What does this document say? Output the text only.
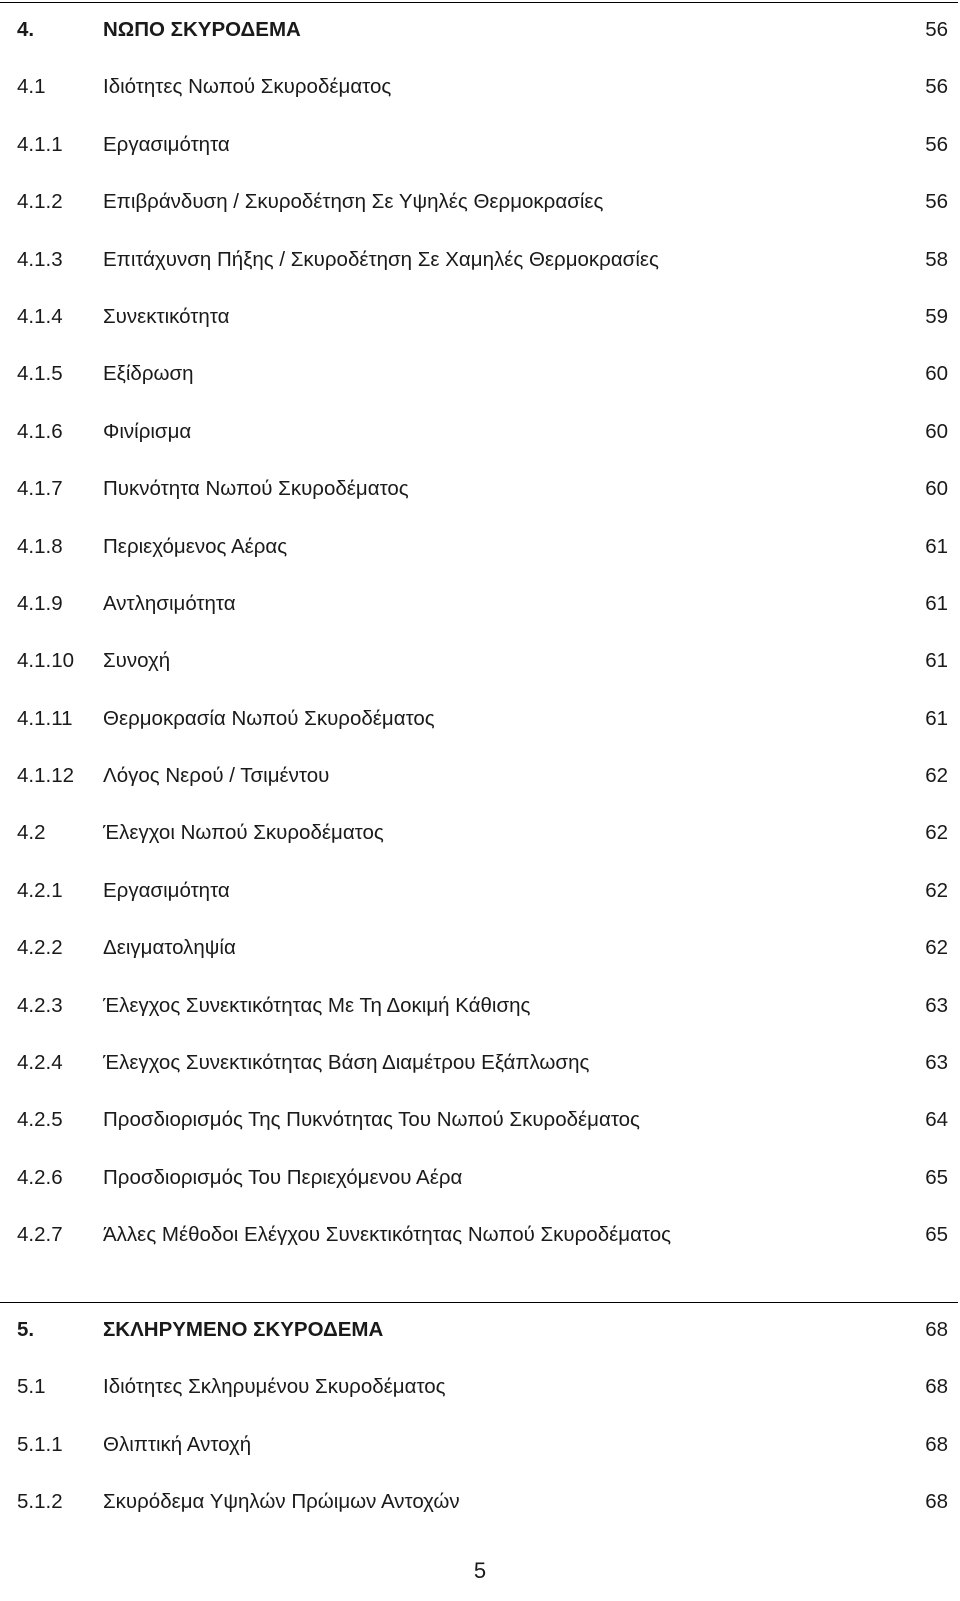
4.	ΝΩΠΟ ΣΚΥΡΟΔΕΜΑ	56
4.1	Ιδιότητες Νωπού Σκυροδέματος	56
4.1.1 Εργασιμότητα	56
4.1.2 Επιβράνδυση / Σκυροδέτηση Σε Υψηλές Θερμοκρασίες	56
4.1.3 Επιτάχυνση Πήξης / Σκυροδέτηση Σε Χαμηλές Θερμοκρασίες	58
4.1.4 Συνεκτικότητα	59
4.1.5 Εξίδρωση	60
4.1.6 Φινίρισμα	60
4.1.7 Πυκνότητα Νωπού Σκυροδέματος	60
4.1.8 Περιεχόμενος Αέρας	61
4.1.9 Αντλησιμότητα	61
4.1.10 Συνοχή	61
4.1.11 Θερμοκρασία Νωπού Σκυροδέματος	61
4.1.12 Λόγος Νερού / Τσιμέντου	62
4.2	Έλεγχοι Νωπού Σκυροδέματος	62
4.2.1 Εργασιμότητα	62
4.2.2 Δειγματοληψία	62
4.2.3 Έλεγχος Συνεκτικότητας Με Τη Δοκιμή Κάθισης	63
4.2.4 Έλεγχος Συνεκτικότητας Βάση Διαμέτρου Εξάπλωσης	63
4.2.5 Προσδιορισμός Της Πυκνότητας Του Νωπού Σκυροδέματος	64
4.2.6 Προσδιορισμός Του Περιεχόμενου Αέρα	65
4.2.7 Άλλες Μέθοδοι Ελέγχου Συνεκτικότητας Νωπού Σκυροδέματος	65
5.	ΣΚΛΗΡΥΜΕΝΟ ΣΚΥΡΟΔΕΜΑ	68
5.1	Ιδιότητες Σκληρυμένου Σκυροδέματος	68
5.1.1 Θλιπτική Αντοχή	68
5.1.2 Σκυρόδεμα Υψηλών Πρώιμων Αντοχών	68
5
